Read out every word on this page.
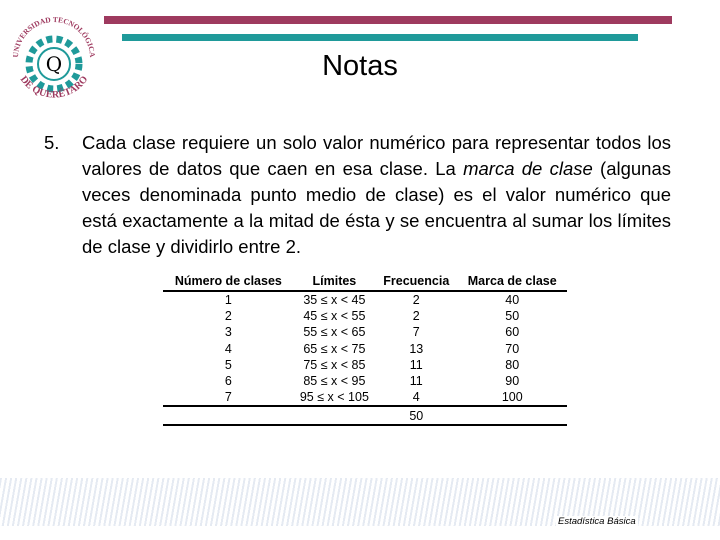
Q
UNIVERSIDAD TECNOLÓGICA
DE QUERÉTARO	Notas
5. Cada clase requiere un solo valor numérico para representar todos los valores de datos que caen en esa clase. La marca de clase (algunas veces denominada punto medio de clase) es el valor numérico que está exactamente a la mitad de ésta y se encuentra al sumar los límites de clase y dividirlo entre 2.
Número de clases	Límites	Frecuencia	Marca de clase
1	35 ≤ x < 45	2	40
2	45 ≤ x < 55	2	50
3	55 ≤ x < 65	7	60
4	65 ≤ x < 75	13	70
5	75 ≤ x < 85	11	80
6	85 ≤ x < 95	11	90
7	95 ≤ x < 105	4	100
		50	
Estadística Básica
